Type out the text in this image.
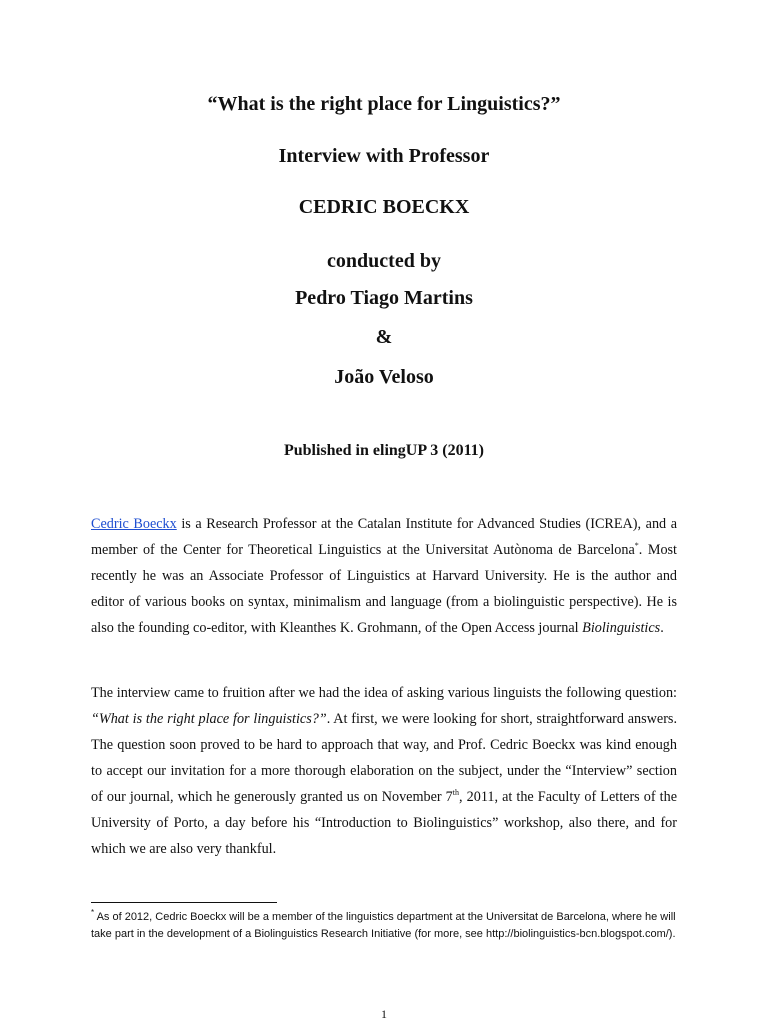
“What is the right place for Linguistics?”
Interview with Professor
CEDRIC BOECKX
conducted by
Pedro Tiago Martins
&
João Veloso
Published in elingUP 3 (2011)
Cedric Boeckx is a Research Professor at the Catalan Institute for Advanced Studies (ICREA), and a member of the Center for Theoretical Linguistics at the Universitat Autònoma de Barcelona*. Most recently he was an Associate Professor of Linguistics at Harvard University. He is the author and editor of various books on syntax, minimalism and language (from a biolinguistic perspective). He is also the founding co-editor, with Kleanthes K. Grohmann, of the Open Access journal Biolinguistics.
The interview came to fruition after we had the idea of asking various linguists the following question: “What is the right place for linguistics?”. At first, we were looking for short, straightforward answers. The question soon proved to be hard to approach that way, and Prof. Cedric Boeckx was kind enough to accept our invitation for a more thorough elaboration on the subject, under the “Interview” section of our journal, which he generously granted us on November 7th, 2011, at the Faculty of Letters of the University of Porto, a day before his “Introduction to Biolinguistics” workshop, also there, and for which we are also very thankful.
* As of 2012, Cedric Boeckx will be a member of the linguistics department at the Universitat de Barcelona, where he will take part in the development of a Biolinguistics Research Initiative (for more, see http://biolinguistics-bcn.blogspot.com/).
1
